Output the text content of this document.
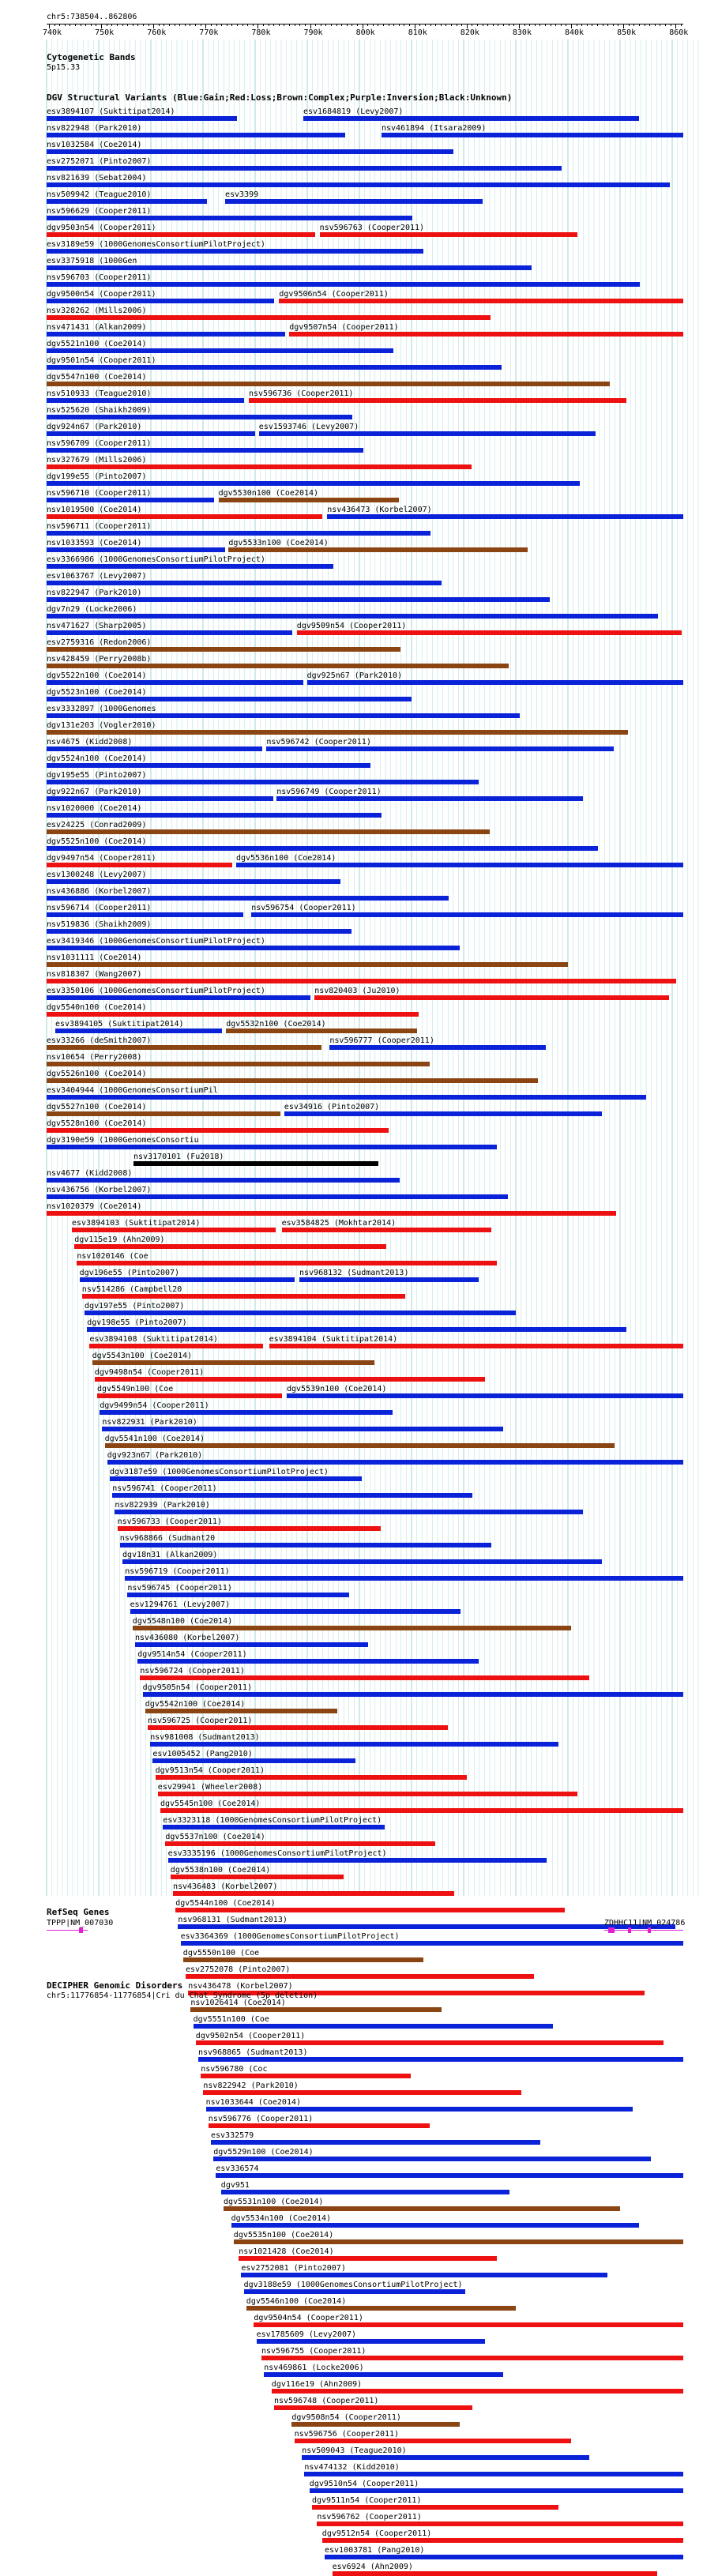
chr5:738504..862806
740k	750k	760k	770k	780k	790k	800k	810k	820k	830k	840k	850k	860k
Cytogenetic Bands
5p15.33
DGV Structural Variants (Blue:Gain;Red:Loss;Brown:Complex;Purple:Inversion;Black:Unknown)
esv3894107 (Suktitipat2014)
nsv822948 (Park2010)
nsv1032584 (Coe2014)
esv2752071 (Pinto2007)
nsv821639 (Sebat2004)
esv3399
nsv596629 (Cooper2011)
nsv509942 (Teague2010)
dgv9503n54 (Cooper2011)
esv3189e59 (1000GenomesConsortiumPilotProject)
esv3375918 (1000Gen
nsv596703 (Cooper2011)
dgv9500n54 (Cooper2011)
esv1684819 (Levy2007)
nsv328262 (Mills2006)
nsv471431 (Alkan2009)
dgv5521n100 (Coe2014)
dgv9501n54 (Cooper2011)
dgv5547n100 (Coe2014)
nsv510933 (Teague2010)
nsv525620 (Shaikh2009)
nsv461894 (Itsara2009)
dgv924n67 (Park2010)
nsv596709 (Cooper2011)
nsv327679 (Mills2006)
dgv199e55 (Pinto2007)
nsv596710 (Cooper2011)
nsv1019500 (Coe2014)
nsv596711 (Cooper2011)
nsv1033593 (Coe2014)
esv3366986 (1000GenomesConsortiumPilotProject)
esv1063767 (Levy2007)
nsv822947 (Park2010)
dgv7n29 (Locke2006)
nsv471627 (Sharp2005)
esv2759316 (Redon2006)
nsv428459 (Perry2008b)
dgv5522n100 (Coe2014)
dgv5523n100 (Coe2014)
esv3332897 (1000Genomes
dgv131e203 (Vogler2010)
nsv4675 (Kidd2008)
dgv5524n100 (Coe2014)
dgv195e55 (Pinto2007)
dgv922n67 (Park2010)
nsv1020000 (Coe2014)
esv24225 (Conrad2009)
dgv5525n100 (Coe2014)
dgv9497n54 (Cooper2011)
esv1300248 (Levy2007)
nsv436886 (Korbel2007)
nsv596714 (Cooper2011)
nsv519836 (Shaikh2009)
esv3419346 (1000GenomesConsortiumPilotProject)
nsv1031111 (Coe2014)
nsv818307 (Wang2007)
esv3350106 (1000GenomesConsortiumPilotProject)
dgv5540n100 (Coe2014)
esv3894105 (Suktitipat2014)
esv33266 (deSmith2007)
nsv10654 (Perry2008)
dgv5526n100 (Coe2014)
esv3404944 (1000GenomesConsortiumPil
dgv5527n100 (Coe2014)
dgv5528n100 (Coe2014)
dgv3190e59 (1000GenomesConsortiu
nsv3170101 (Fu2018)
nsv4677 (Kidd2008)
nsv436756 (Korbel2007)
nsv1020379 (Coe2014)
esv3894103 (Suktitipat2014)
dgv115e19 (Ahn2009)
nsv1020146 (Coe
dgv196e55 (Pinto2007)
nsv514286 (Campbell20
dgv197e55 (Pinto2007)
dgv198e55 (Pinto2007)
esv3894108 (Suktitipat2014)
dgv5543n100 (Coe2014)
dgv9498n54 (Cooper2011)
dgv5549n100 (Coe
dgv9499n54 (Cooper2011)
nsv822931 (Park2010)
dgv5541n100 (Coe2014)
dgv923n67 (Park2010)
dgv3187e59 (1000GenomesConsortiumPilotProject)
nsv596741 (Cooper2011)
nsv822939 (Park2010)
nsv596733 (Cooper2011)
nsv968866 (Sudmant20
dgv18n31 (Alkan2009)
nsv596719 (Cooper2011)
nsv596745 (Cooper2011)
esv1294761 (Levy2007)
dgv5548n100 (Coe2014)
nsv436080 (Korbel2007)
dgv9514n54 (Cooper2011)
nsv596724 (Cooper2011)
dgv9505n54 (Cooper2011)
dgv5542n100 (Coe2014)
nsv596725 (Cooper2011)
nsv981008 (Sudmant2013)
esv1005452 (Pang2010)
dgv9513n54 (Cooper2011)
esv29941 (Wheeler2008)
dgv5545n100 (Coe2014)
esv3323118 (1000GenomesConsortiumPilotProject)
dgv5537n100 (Coe2014)
esv3335196 (1000GenomesConsortiumPilotProject)
dgv5538n100 (Coe2014)
nsv436483 (Korbel2007)
dgv5544n100 (Coe2014)
nsv968131 (Sudmant2013)
esv3364369 (1000GenomesConsortiumPilotProject)
dgv5550n100 (Coe
esv2752078 (Pinto2007)
nsv436478 (Korbel2007)
nsv1026414 (Coe2014)
dgv5551n100 (Coe
dgv9502n54 (Cooper2011)
nsv968865 (Sudmant2013)
nsv596780 (Coc
nsv822942 (Park2010)
nsv1033644 (Coe2014)
nsv596776 (Cooper2011)
esv332579
dgv5529n100 (Coe2014)
esv336574
dgv5530n100 (Coe2014)
dgv951
dgv5531n100 (Coe2014)
dgv5532n100 (Coe2014)
dgv5533n100 (Coe2014)
dgv5534n100 (Coe2014)
dgv5535n100 (Coe2014)
dgv5536n100 (Coe2014)
nsv1021428 (Coe2014)
esv2752081 (Pinto2007)
dgv3188e59 (1000GenomesConsortiumPilotProject)
dgv5546n100 (Coe2014)
nsv596736 (Cooper2011)
nsv596754 (Cooper2011)
dgv9504n54 (Cooper2011)
esv1785609 (Levy2007)
esv1593746 (Levy2007)
nsv596755 (Cooper2011)
nsv469861 (Locke2006)
nsv596742 (Cooper2011)
esv3894104 (Suktitipat2014)
dgv116e19 (Ahn2009)
nsv596748 (Cooper2011)
nsv596749 (Cooper2011)
dgv9506n54 (Cooper2011)
esv3584825 (Mokhtar2014)
esv34916 (Pinto2007)
dgv5539n100 (Coe2014)
dgv9507n54 (Cooper2011)
dgv9508n54 (Cooper2011)
nsv596756 (Cooper2011)
dgv9509n54 (Cooper2011)
nsv968132 (Sudmant2013)
nsv509043 (Teague2010)
nsv474132 (Kidd2010)
dgv925n67 (Park2010)
dgv9510n54 (Cooper2011)
dgv9511n54 (Cooper2011)
nsv820403 (Ju2010)
nsv596762 (Cooper2011)
nsv596763 (Cooper2011)
dgv9512n54 (Cooper2011)
esv1003781 (Pang2010)
nsv436473 (Korbel2007)
nsv596777 (Cooper2011)
esv6924 (Ahn2009)
RefSeq Genes
TPPP|NM_007030	ZDHHC11|NM_024786
DECIPHER Genomic Disorders
chr5:11776854-11776854|Cri du Chat Syndrome (5p deletion)
